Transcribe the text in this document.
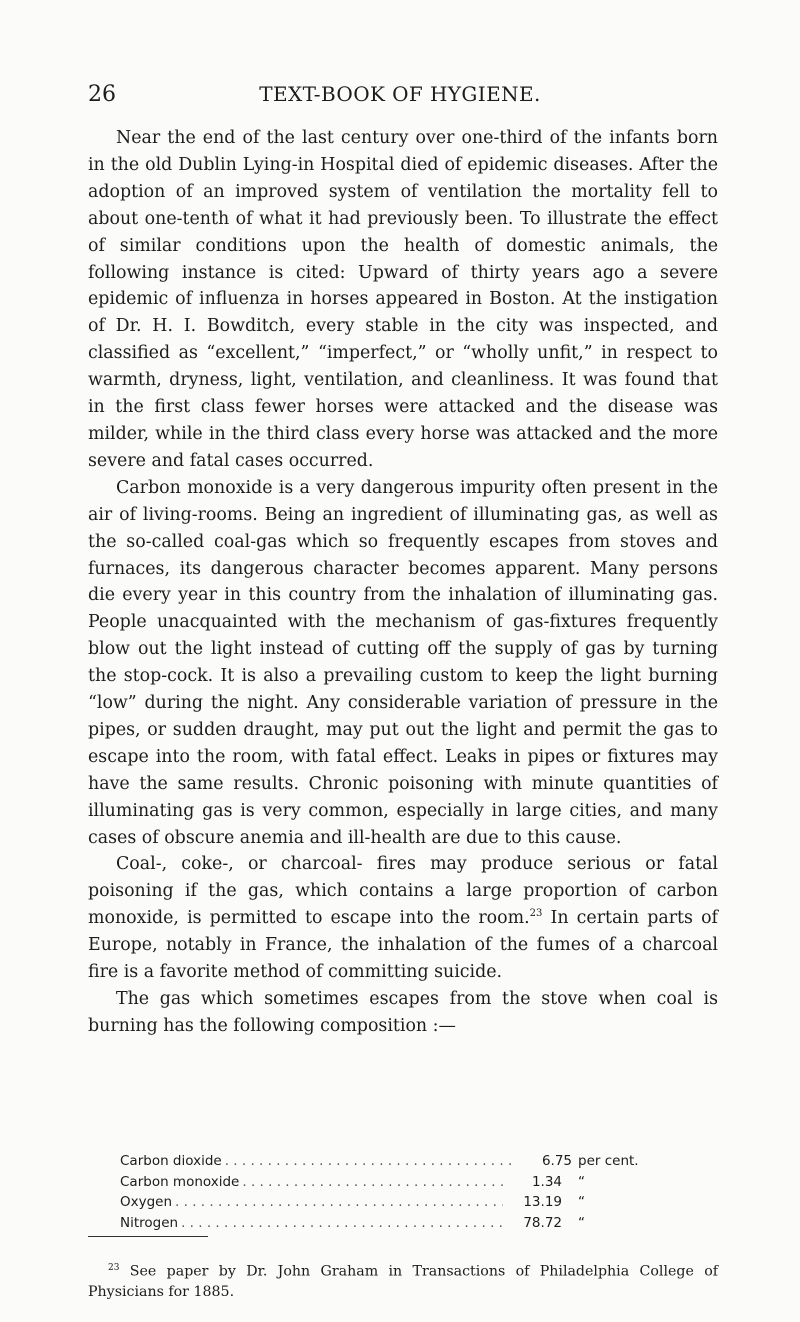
26	TEXT-BOOK OF HYGIENE.

Near the end of the last century over one-third of the infants born in the old Dublin Lying-in Hospital died of epidemic diseases. After the adoption of an improved system of ventilation the mortality fell to about one-tenth of what it had previously been. To illustrate the effect of similar conditions upon the health of domestic animals, the following instance is cited: Upward of thirty years ago a severe epidemic of influenza in horses appeared in Boston. At the instigation of Dr. H. I. Bowditch, every stable in the city was inspected, and classified as “excellent,” “imperfect,” or “wholly unfit,” in respect to warmth, dryness, light, ventilation, and cleanliness. It was found that in the first class fewer horses were attacked and the disease was milder, while in the third class every horse was attacked and the more severe and fatal cases occurred.

Carbon monoxide is a very dangerous impurity often present in the air of living-rooms. Being an ingredient of illuminating gas, as well as the so-called coal-gas which so frequently escapes from stoves and furnaces, its dangerous character becomes apparent. Many persons die every year in this country from the inhalation of illuminating gas. People unacquainted with the mechanism of gas-fixtures frequently blow out the light instead of cutting off the supply of gas by turning the stop-cock. It is also a prevailing custom to keep the light burning “low” during the night. Any considerable variation of pressure in the pipes, or sudden draught, may put out the light and permit the gas to escape into the room, with fatal effect. Leaks in pipes or fixtures may have the same results. Chronic poisoning with minute quantities of illuminating gas is very common, especially in large cities, and many cases of obscure anemia and ill-health are due to this cause.

Coal-, coke-, or charcoal- fires may produce serious or fatal poisoning if the gas, which contains a large proportion of carbon monoxide, is permitted to escape into the room.$^{23}$ In certain parts of Europe, notably in France, the inhalation of the fumes of a charcoal fire is a favorite method of committing suicide.

The gas which sometimes escapes from the stove when coal is burning has the following composition :—

Carbon dioxide . . .	6.75 per cent.
Carbon monoxide . . .	1.34	“
Oxygen . . .	13.19	“
Nitrogen . . .	78.72	“

$^{23}$ See paper by Dr. John Graham in Transactions of Philadelphia College of Physicians for 1885.
